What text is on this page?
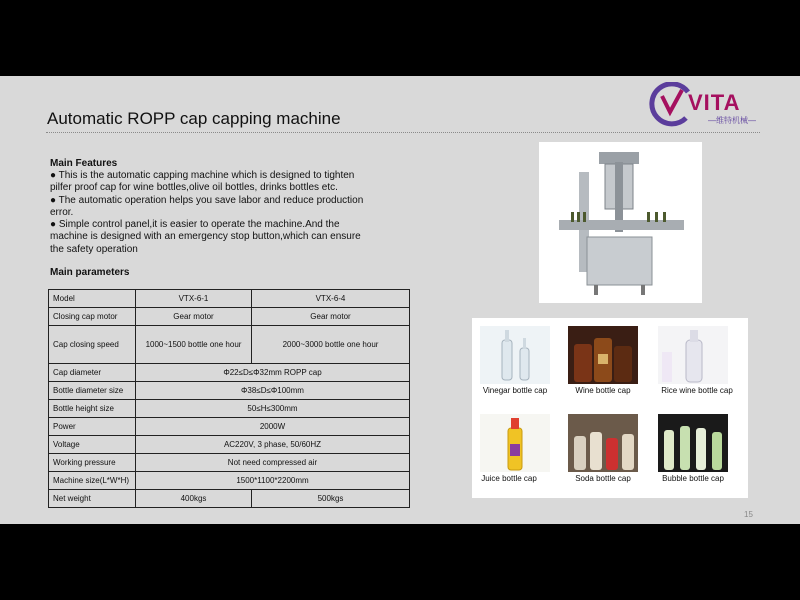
Automatic ROPP cap capping machine
VITA
—维特机械—
Main Features

● This is the automatic capping machine which is designed to tighten pilfer proof cap for wine bottles,olive oil bottles, drinks bottles etc.

● The automatic operation helps you save labor and reduce production error.

● Simple control panel,it is easier to operate the machine.And the machine is designed with an emergency stop button,which can ensure the safety operation

Main parameters
Model	VTX-6-1	VTX-6-4
Closing cap motor	Gear motor	Gear motor
Cap closing speed	1000~1500 bottle one hour	2000~3000 bottle one hour
Cap diameter	Φ22≤D≤Φ32mm ROPP cap	
Bottle diameter size	Φ38≤D≤Φ100mm	
Bottle height size	50≤H≤300mm	
Power	2000W	
Voltage	AC220V, 3 phase, 50/60HZ	
Working pressure	Not need compressed air	
Machine size(L*W*H)	1500*1100*2200mm	
Net weight	400kgs	500kgs
Vinegar bottle cap	Wine bottle cap	Rice wine bottle cap
Juice bottle cap	Soda bottle cap	Bubble bottle cap
15
